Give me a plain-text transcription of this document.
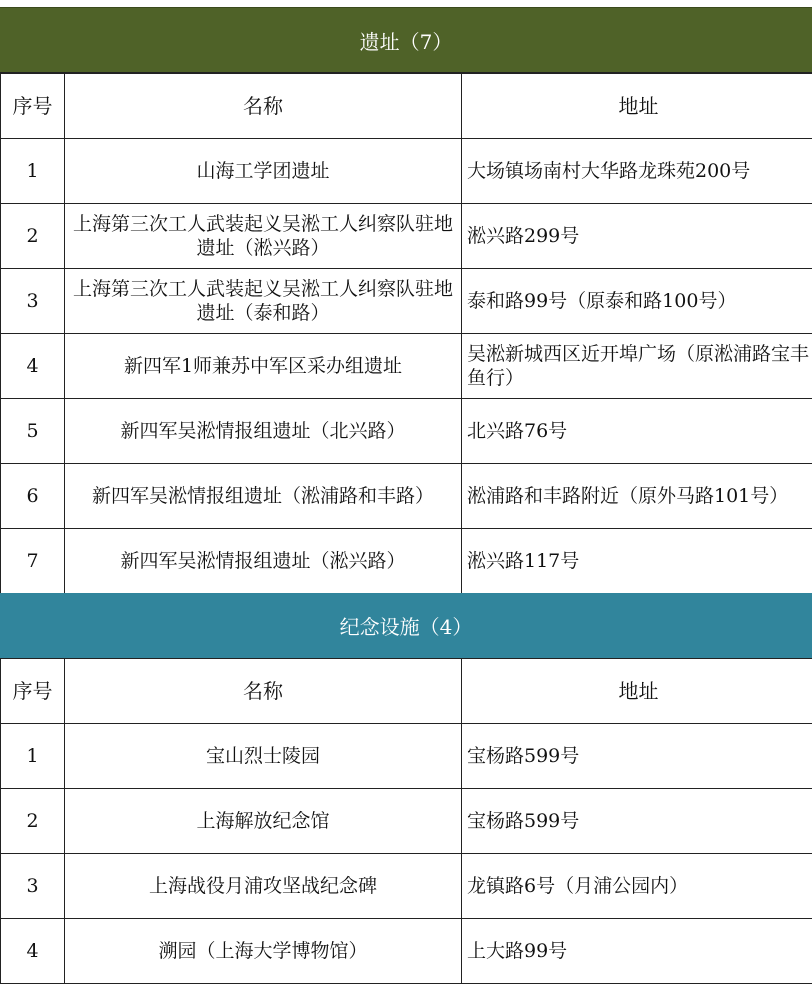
遗址（7）
序号	名称	地址
1	山海工学团遗址	大场镇场南村大华路龙珠苑200号
2	上海第三次工人武装起义吴淞工人纠察队驻地遗址（淞兴路）	淞兴路299号
3	上海第三次工人武装起义吴淞工人纠察队驻地遗址（泰和路）	泰和路99号（原泰和路100号）
4	新四军1师兼苏中军区采办组遗址	吴淞新城西区近开埠广场（原淞浦路宝丰鱼行）
5	新四军吴淞情报组遗址（北兴路）	北兴路76号
6	新四军吴淞情报组遗址（淞浦路和丰路）	淞浦路和丰路附近（原外马路101号）
7	新四军吴淞情报组遗址（淞兴路）	淞兴路117号
纪念设施（4）
序号	名称	地址
1	宝山烈士陵园	宝杨路599号
2	上海解放纪念馆	宝杨路599号
3	上海战役月浦攻坚战纪念碑	龙镇路6号（月浦公园内）
4	溯园（上海大学博物馆）	上大路99号
